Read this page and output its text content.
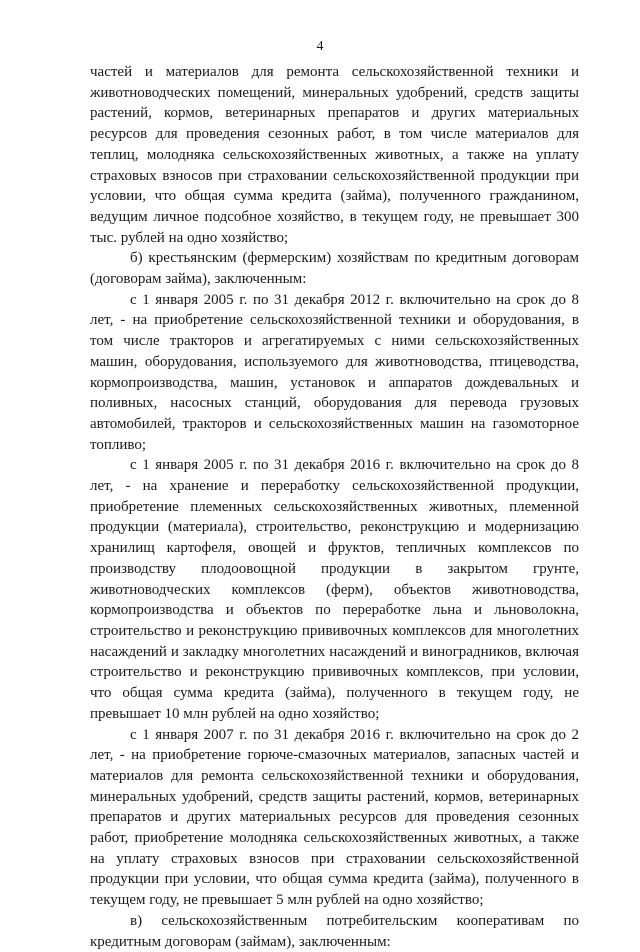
4

частей и материалов для ремонта сельскохозяйственной техники и животноводческих помещений, минеральных удобрений, средств защиты растений, кормов, ветеринарных препаратов и других материальных ресурсов для проведения сезонных работ, в том числе материалов для теплиц, молодняка сельскохозяйственных животных, а также на уплату страховых взносов при страховании сельскохозяйственной продукции при условии, что общая сумма кредита (займа), полученного гражданином, ведущим личное подсобное хозяйство, в текущем году, не превышает 300 тыс. рублей на одно хозяйство;

б) крестьянским (фермерским) хозяйствам по кредитным договорам (договорам займа), заключенным:

с 1 января 2005 г. по 31 декабря 2012 г. включительно на срок до 8 лет, - на приобретение сельскохозяйственной техники и оборудования, в том числе тракторов и агрегатируемых с ними сельскохозяйственных машин, оборудования, используемого для животноводства, птицеводства, кормопроизводства, машин, установок и аппаратов дождевальных и поливных, насосных станций, оборудования для перевода грузовых автомобилей, тракторов и сельскохозяйственных машин на газомоторное топливо;

с 1 января 2005 г. по 31 декабря 2016 г. включительно на срок до 8 лет, - на хранение и переработку сельскохозяйственной продукции, приобретение племенных сельскохозяйственных животных, племенной продукции (материала), строительство, реконструкцию и модернизацию хранилищ картофеля, овощей и фруктов, тепличных комплексов по производству плодоовощной продукции в закрытом грунте, животноводческих комплексов (ферм), объектов животноводства, кормопроизводства и объектов по переработке льна и льноволокна, строительство и реконструкцию прививочных комплексов для многолетних насаждений и закладку многолетних насаждений и виноградников, включая строительство и реконструкцию прививочных комплексов, при условии, что общая сумма кредита (займа), полученного в текущем году, не превышает 10 млн рублей на одно хозяйство;

с 1 января 2007 г. по 31 декабря 2016 г. включительно на срок до 2 лет, - на приобретение горюче-смазочных материалов, запасных частей и материалов для ремонта сельскохозяйственной техники и оборудования, минеральных удобрений, средств защиты растений, кормов, ветеринарных препаратов и других материальных ресурсов для проведения сезонных работ, приобретение молодняка сельскохозяйственных животных, а также на уплату страховых взносов при страховании сельскохозяйственной продукции при условии, что общая сумма кредита (займа), полученного в текущем году, не превышает 5 млн рублей на одно хозяйство;

в) сельскохозяйственным потребительским кооперативам по кредитным договорам (займам), заключенным:
